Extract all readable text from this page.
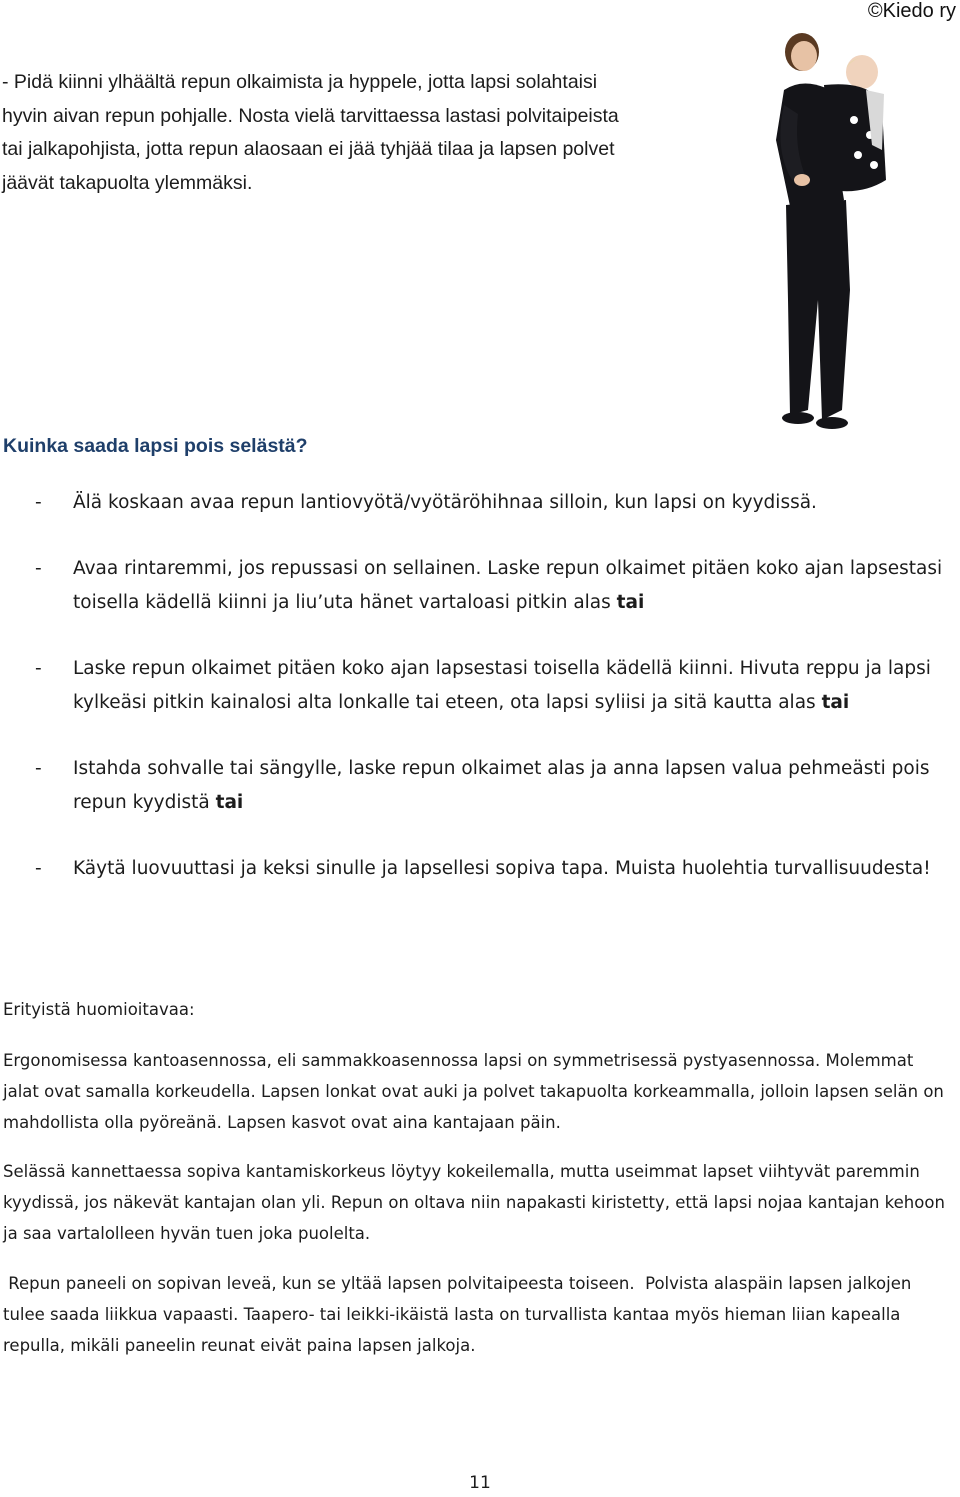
©Kiedo ry

- Pidä kiinni ylhäältä repun olkaimista ja hyppele, jotta lapsi solahtaisi hyvin aivan repun pohjalle. Nosta vielä tarvittaessa lastasi polvitaipeista tai jalkapohjista, jotta repun alaosaan ei jää tyhjää tilaa ja lapsen polvet jäävät takapuolta ylemmäksi.

Kuinka saada lapsi pois selästä?
- Älä koskaan avaa repun lantiovyötä/vyötäröhihnaa silloin, kun lapsi on kyydissä.
- Avaa rintaremmi, jos repussasi on sellainen. Laske repun olkaimet pitäen koko ajan lapsestasi toisella kädellä kiinni ja liu’uta hänet vartaloasi pitkin alas tai
- Laske repun olkaimet pitäen koko ajan lapsestasi toisella kädellä kiinni. Hivuta reppu ja lapsi kylkeäsi pitkin kainalosi alta lonkalle tai eteen, ota lapsi syliisi ja sitä kautta alas tai
- Istahda sohvalle tai sängylle, laske repun olkaimet alas ja anna lapsen valua pehmeästi pois repun kyydistä tai
- Käytä luovuuttasi ja keksi sinulle ja lapsellesi sopiva tapa. Muista huolehtia turvallisuudesta!

Erityistä huomioitavaa:

Ergonomisessa kantoasennossa, eli sammakkoasennossa lapsi on symmetrisessä pystyasennossa. Molemmat jalat ovat samalla korkeudella. Lapsen lonkat ovat auki ja polvet takapuolta korkeammalla, jolloin lapsen selän on mahdollista olla pyöreänä. Lapsen kasvot ovat aina kantajaan päin.

Selässä kannettaessa sopiva kantamiskorkeus löytyy kokeilemalla, mutta useimmat lapset viihtyvät paremmin kyydissä, jos näkevät kantajan olan yli. Repun on oltava niin napakasti kiristetty, että lapsi nojaa kantajan kehoon ja saa vartalolleen hyvän tuen joka puolelta.

Repun paneeli on sopivan leveä, kun se yltää lapsen polvitaipeesta toiseen.  Polvista alaspäin lapsen jalkojen tulee saada liikkua vapaasti. Taapero- tai leikki-ikäistä lasta on turvallista kantaa myös hieman liian kapealla repulla, mikäli paneelin reunat eivät paina lapsen jalkoja.

11
